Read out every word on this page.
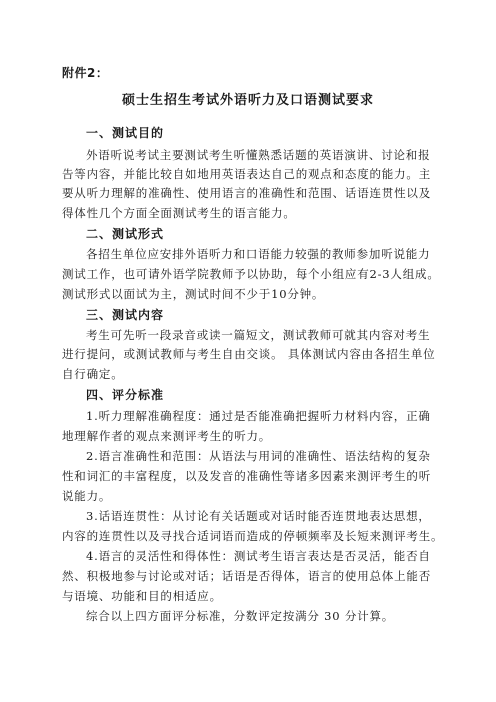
附件2：
硕士生招生考试外语听力及口语测试要求
一、测试目的
外语听说考试主要测试考生听懂熟悉话题的英语演讲、讨论和报
告等内容，并能比较自如地用英语表达自己的观点和态度的能力。主
要从听力理解的准确性、使用语言的准确性和范围、话语连贯性以及
得体性几个方面全面测试考生的语言能力。
二、测试形式
各招生单位应安排外语听力和口语能力较强的教师参加听说能力
测试工作，也可请外语学院教师予以协助，每个小组应有2-3人组成。
测试形式以面试为主，测试时间不少于10分钟。
三、测试内容
考生可先听一段录音或读一篇短文，测试教师可就其内容对考生
进行提问，或测试教师与考生自由交谈。 具体测试内容由各招生单位
自行确定。
四、评分标准
1.听力理解准确程度：通过是否能准确把握听力材料内容，正确
地理解作者的观点来测评考生的听力。
2.语言准确性和范围：从语法与用词的准确性、语法结构的复杂
性和词汇的丰富程度，以及发音的准确性等诸多因素来测评考生的听
说能力。
3.话语连贯性：从讨论有关话题或对话时能否连贯地表达思想，
内容的连贯性以及寻找合适词语而造成的停顿频率及长短来测评考生。
4.语言的灵活性和得体性：测试考生语言表达是否灵活，能否自
然、积极地参与讨论或对话；话语是否得体，语言的使用总体上能否
与语境、功能和目的相适应。
综合以上四方面评分标准，分数评定按满分 30 分计算。
